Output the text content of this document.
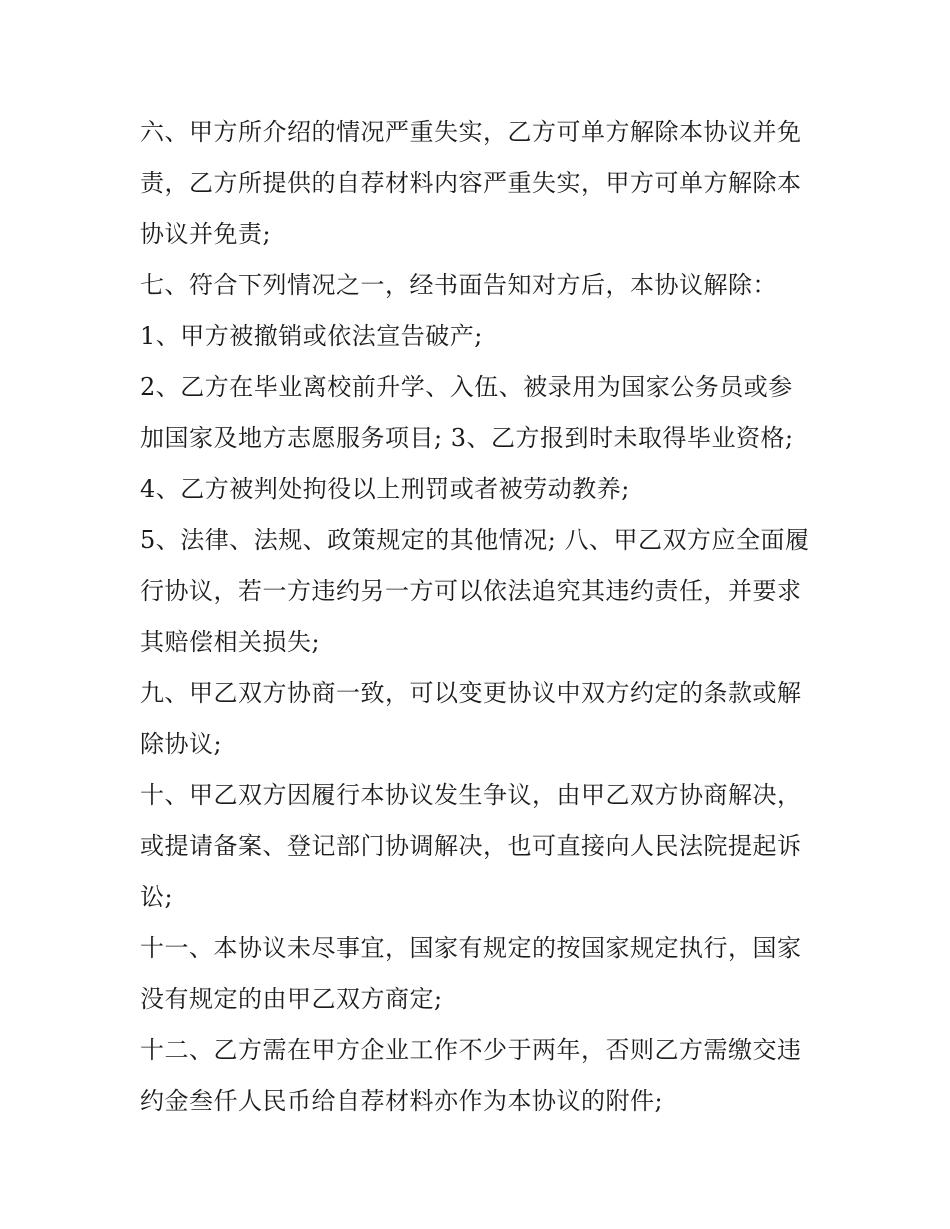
六、甲方所介绍的情况严重失实，乙方可单方解除本协议并免
责，乙方所提供的自荐材料内容严重失实，甲方可单方解除本
协议并免责;

七、符合下列情况之一，经书面告知对方后，本协议解除：

1、甲方被撤销或依法宣告破产;

2、乙方在毕业离校前升学、入伍、被录用为国家公务员或参
加国家及地方志愿服务项目; 3、乙方报到时未取得毕业资格;

4、乙方被判处拘役以上刑罚或者被劳动教养;

5、法律、法规、政策规定的其他情况; 八、甲乙双方应全面履
行协议，若一方违约另一方可以依法追究其违约责任，并要求
其赔偿相关损失;

九、甲乙双方协商一致，可以变更协议中双方约定的条款或解
除协议;

十、甲乙双方因履行本协议发生争议，由甲乙双方协商解决，
或提请备案、登记部门协调解决，也可直接向人民法院提起诉
讼;

十一、本协议未尽事宜，国家有规定的按国家规定执行，国家
没有规定的由甲乙双方商定;

十二、乙方需在甲方企业工作不少于两年，否则乙方需缴交违
约金叁仟人民币给自荐材料亦作为本协议的附件;
